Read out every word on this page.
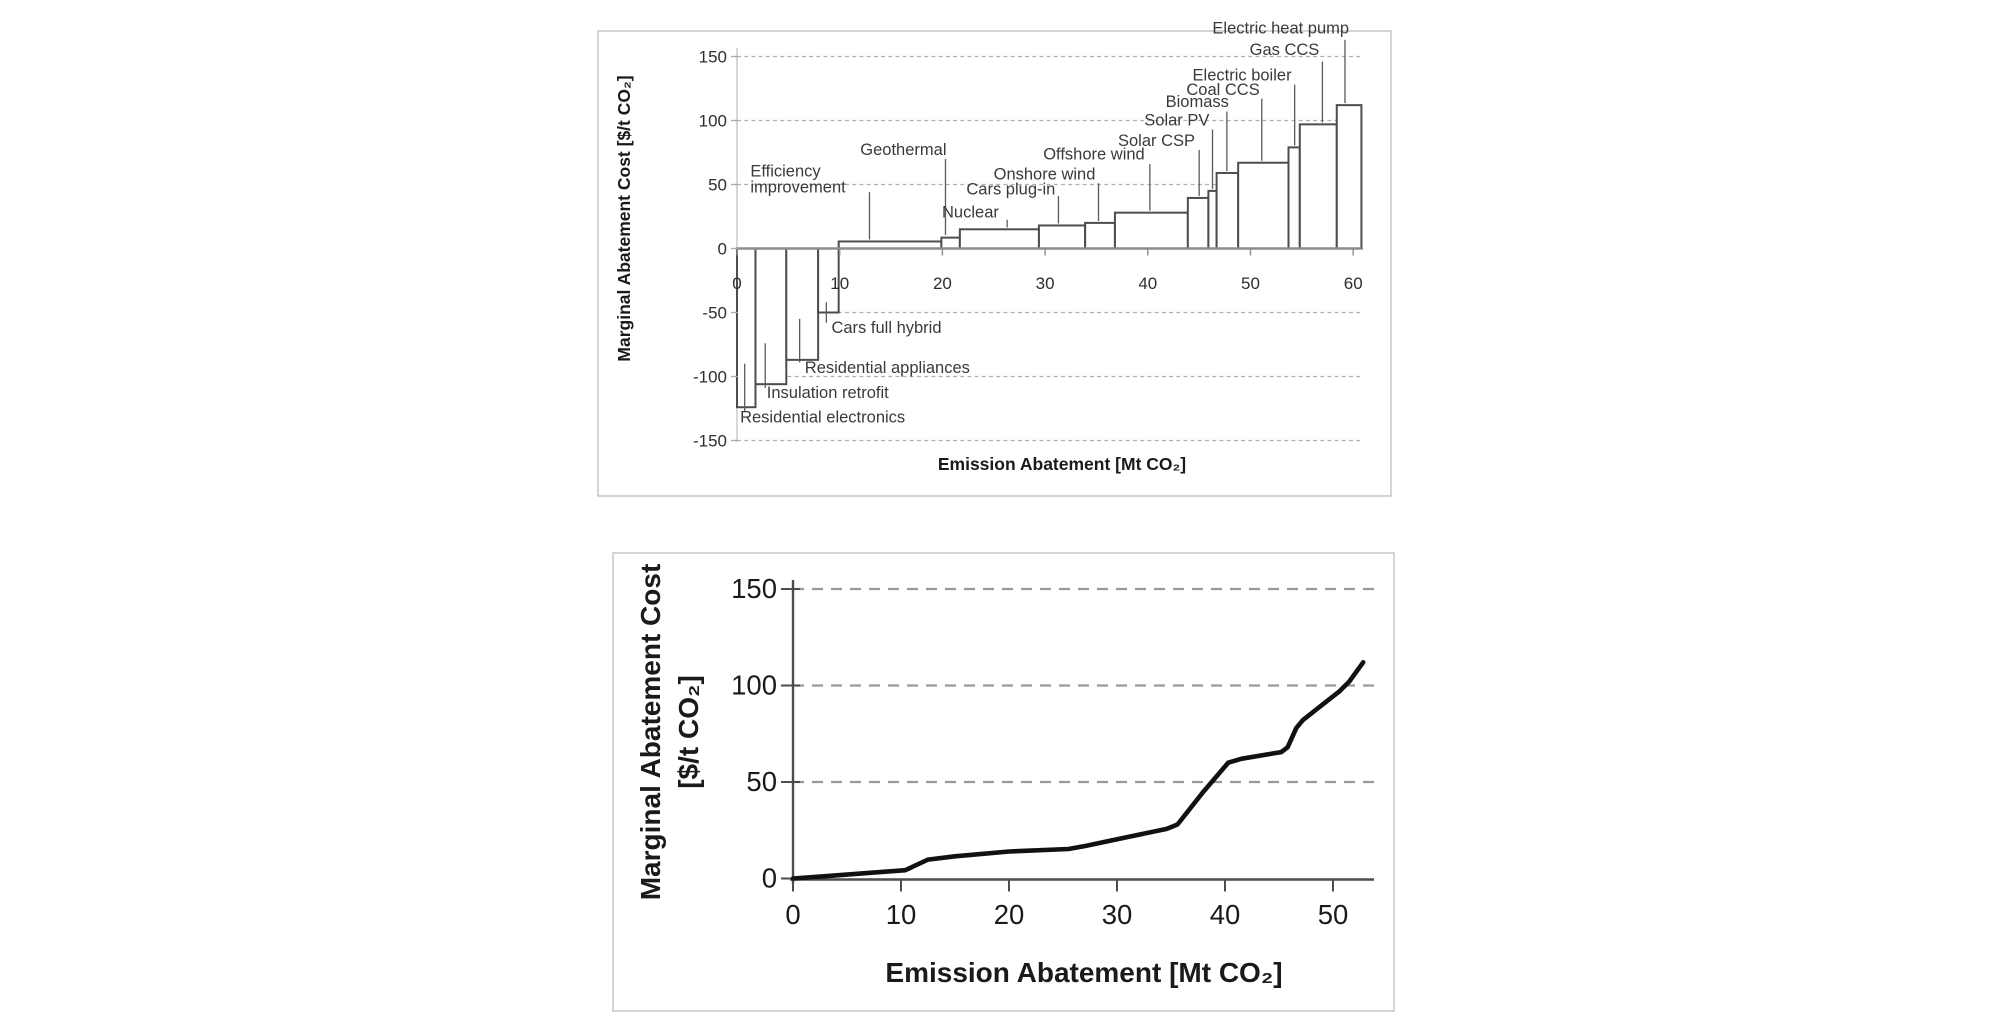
0	10	20	30	40	50	60
150
100
50
0
-50
-100
-150
Residential electronics
Insulation retrofit
Residential appliances
Cars full hybrid
Efficiency
improvement
Geothermal
Nuclear
Cars plug-in
Onshore wind
Offshore wind
Solar CSP
Solar PV
Biomass
Coal CCS
Electric boiler
Gas CCS
Electric heat pump
Marginal Abatement Cost [$/t CO₂]
Emission Abatement [Mt CO₂]
0	10	20	30	40	50
0
50
100
150
Marginal Abatement Cost [$/t CO₂]
Emission Abatement [Mt CO₂]
